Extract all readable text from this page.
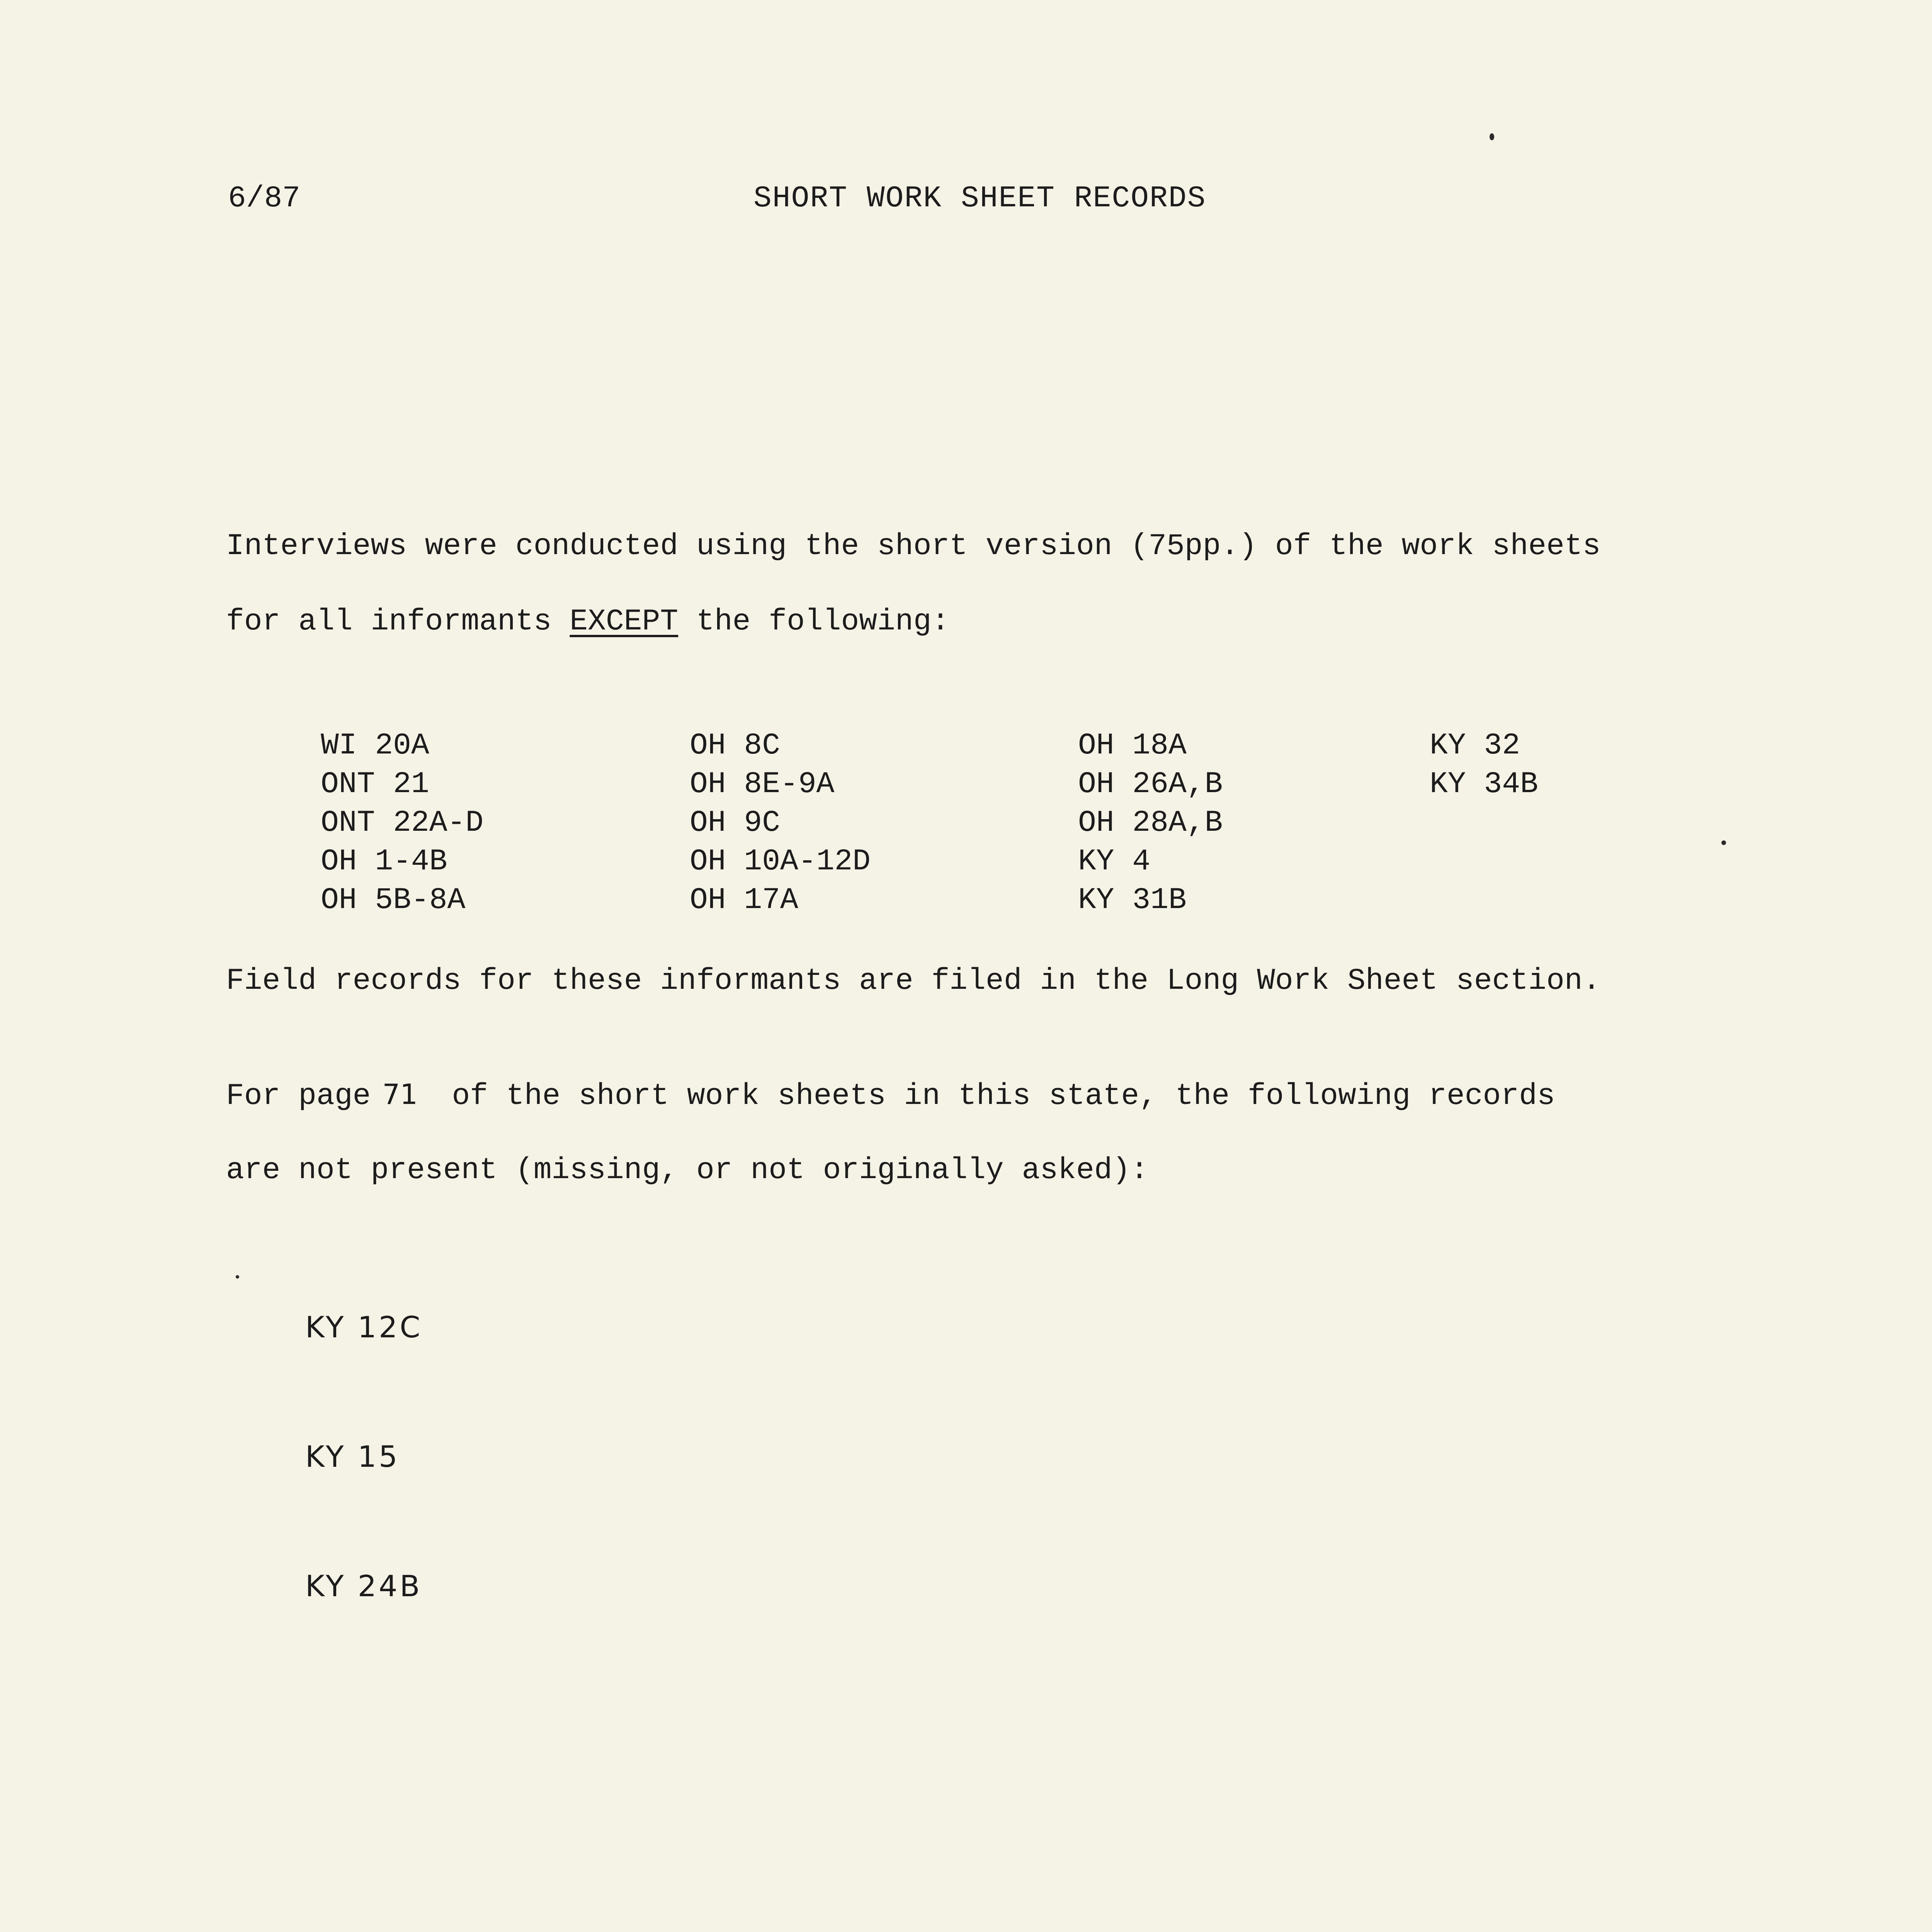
6/87	SHORT WORK SHEET RECORDS
Interviews were conducted using the short version (75pp.) of the work sheets
for all informants EXCEPT the following:
WI 20A
ONT 21
ONT 22A-D
OH 1-4B
OH 5B-8A
OH 8C
OH 8E-9A
OH 9C
OH 10A-12D
OH 17A
OH 18A
OH 26A,B
OH 28A,B
KY 4
KY 31B
KY 32
KY 34B
Field records for these informants are filed in the Long Work Sheet section.
For page 71 of the short work sheets in this state, the following records
are not present (missing, or not originally asked):
KY 12C
KY 15
KY 24B
